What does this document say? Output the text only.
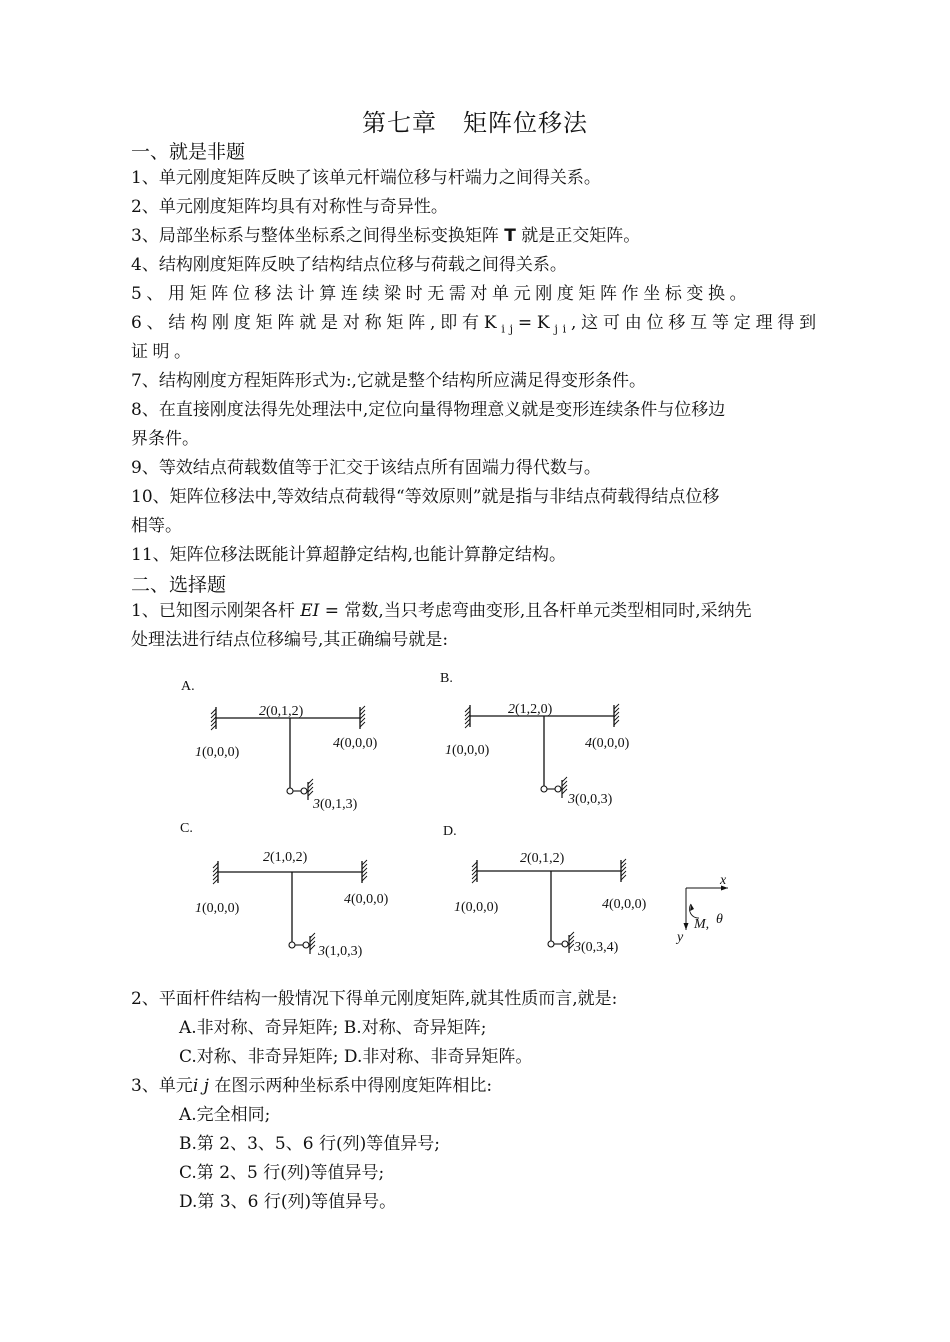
第七章 矩阵位移法
一、就是非题
1、单元刚度矩阵反映了该单元杆端位移与杆端力之间得关系。
2、单元刚度矩阵均具有对称性与奇异性。
3、局部坐标系与整体坐标系之间得坐标变换矩阵 T 就是正交矩阵。
4、结构刚度矩阵反映了结构结点位移与荷载之间得关系。
5、用矩阵位移法计算连续梁时无需对单元刚度矩阵作坐标变换。
6、结构刚度矩阵就是对称矩阵,即有$K_{ij}=K_{ji}$,这可由位移互等定理得到
证明。
7、结构刚度方程矩阵形式为:,它就是整个结构所应满足得变形条件。
8、在直接刚度法得先处理法中,定位向量得物理意义就是变形连续条件与位移边
界条件。
9、等效结点荷载数值等于汇交于该结点所有固端力得代数与。
10、矩阵位移法中,等效结点荷载得“等效原则”就是指与非结点荷载得结点位移
相等。
11、矩阵位移法既能计算超静定结构,也能计算静定结构。
二、选择题
1、已知图示刚架各杆 EI = 常数,当只考虑弯曲变形,且各杆单元类型相同时,采纳先
处理法进行结点位移编号,其正确编号就是:
A.
2(0,1,2)
1(0,0,0)
4(0,0,0)
3(0,1,3)
B.
2(1,2,0)
1(0,0,0)	4(0,0,0)
3(0,0,3)
C.
2(1,0,2)
1(0,0,0)
4(0,0,0)
3(1,0,3)
D.
2(0,1,2)
1(0,0,0)	4(0,0,0)
3(0,3,4)
x
y
M, θ
2、平面杆件结构一般情况下得单元刚度矩阵,就其性质而言,就是:
A.非对称、奇异矩阵; B.对称、奇异矩阵;
C.对称、非奇异矩阵; D.非对称、非奇异矩阵。
3、单元i j 在图示两种坐标系中得刚度矩阵相比:
A.完全相同;
B.第 2、3、5、6 行(列)等值异号;
C.第 2、5 行(列)等值异号;
D.第 3、6 行(列)等值异号。
